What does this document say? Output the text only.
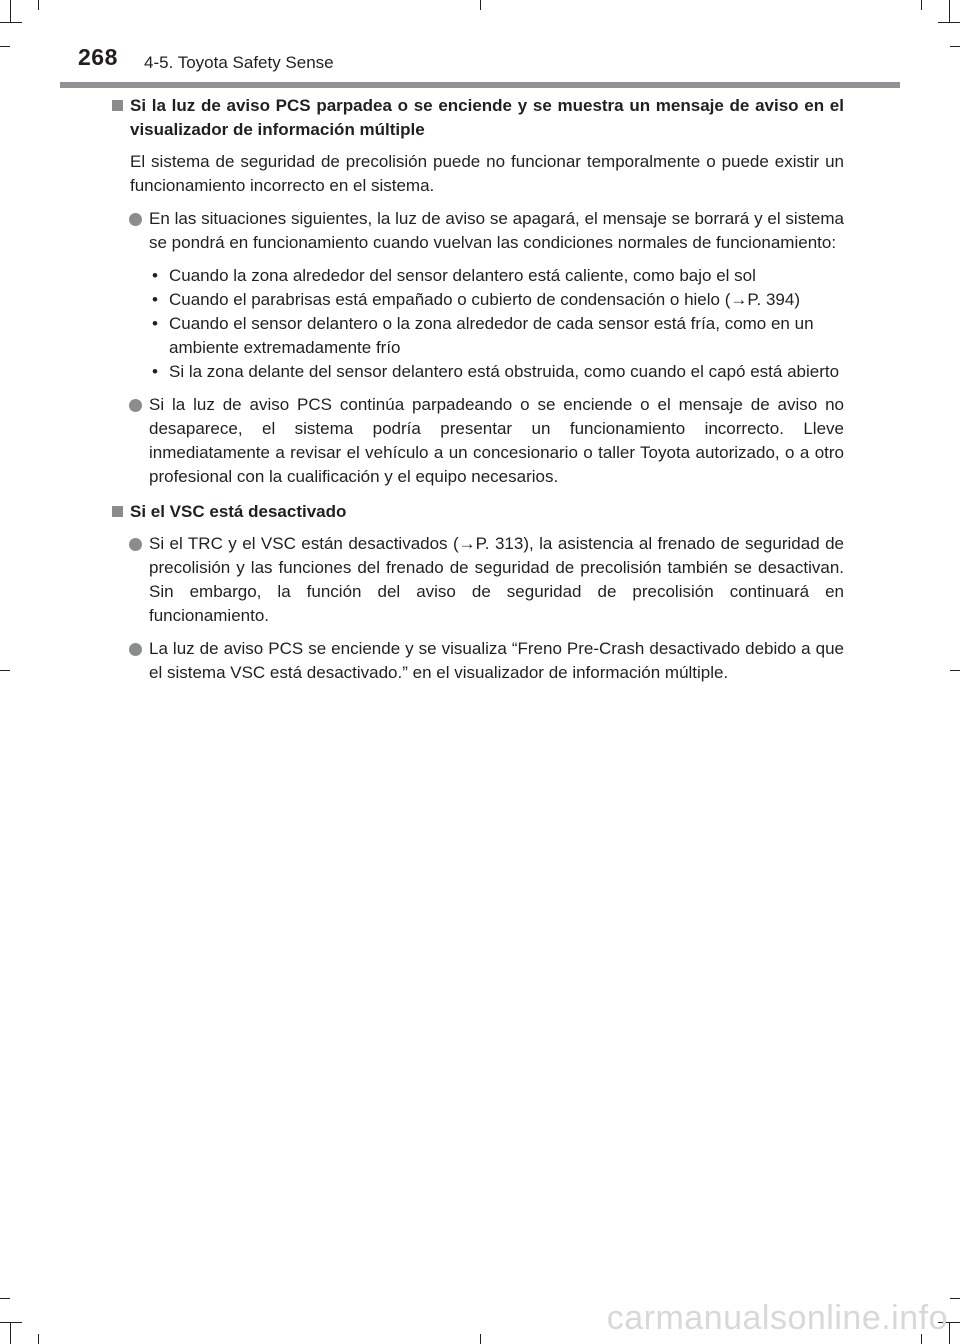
268 4-5. Toyota Safety Sense
Si la luz de aviso PCS parpadea o se enciende y se muestra un mensaje de aviso en el visualizador de información múltiple
El sistema de seguridad de precolisión puede no funcionar temporalmente o puede existir un funcionamiento incorrecto en el sistema.
En las situaciones siguientes, la luz de aviso se apagará, el mensaje se borrará y el sistema se pondrá en funcionamiento cuando vuelvan las condiciones normales de funcionamiento:
• Cuando la zona alrededor del sensor delantero está caliente, como bajo el sol
• Cuando el parabrisas está empañado o cubierto de condensación o hielo (→P. 394)
• Cuando el sensor delantero o la zona alrededor de cada sensor está fría, como en un ambiente extremadamente frío
• Si la zona delante del sensor delantero está obstruida, como cuando el capó está abierto
Si la luz de aviso PCS continúa parpadeando o se enciende o el mensaje de aviso no desaparece, el sistema podría presentar un funcionamiento incorrecto. Lleve inmediatamente a revisar el vehículo a un concesionario o taller Toyota autorizado, o a otro profesional con la cualificación y el equipo necesarios.
Si el VSC está desactivado
Si el TRC y el VSC están desactivados (→P. 313), la asistencia al frenado de seguridad de precolisión y las funciones del frenado de seguridad de precolisión también se desactivan. Sin embargo, la función del aviso de seguridad de precolisión continuará en funcionamiento.
La luz de aviso PCS se enciende y se visualiza “Freno Pre-Crash desactivado debido a que el sistema VSC está desactivado.” en el visualizador de información múltiple.
carmanualsonline.info
